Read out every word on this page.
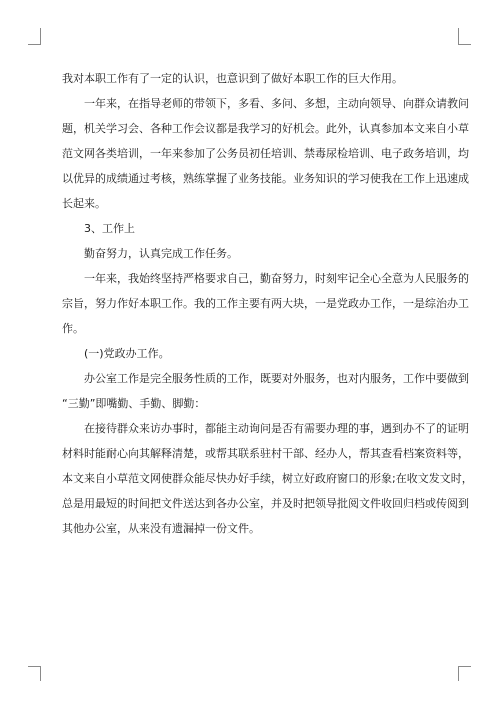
我对本职工作有了一定的认识，也意识到了做好本职工作的巨大作用。

一年来，在指导老师的带领下，多看、多问、多想，主动向领导、向群众请教问

题，机关学习会、各种工作会议都是我学习的好机会。此外，认真参加本文来自小草
范文网各类培训，一年来参加了公务员初任培训、禁毒尿检培训、电子政务培训，均
以优异的成绩通过考核，熟练掌握了业务技能。业务知识的学习使我在工作上迅速成
长起来。

3、工作上

勤奋努力，认真完成工作任务。

一年来，我始终坚持严格要求自己，勤奋努力，时刻牢记全心全意为人民服务的

宗旨，努力作好本职工作。我的工作主要有两大块，一是党政办工作，一是综治办工
作。

(一)党政办工作。

办公室工作是完全服务性质的工作，既要对外服务，也对内服务，工作中要做到

“三勤”即嘴勤、手勤、脚勤：

在接待群众来访办事时，都能主动询问是否有需要办理的事，遇到办不了的证明

材料时能耐心向其解释清楚，或帮其联系驻村干部、经办人，帮其查看档案资料等，
本文来自小草范文网使群众能尽快办好手续，树立好政府窗口的形象;在收文发文时，
总是用最短的时间把文件送达到各办公室，并及时把领导批阅文件收回归档或传阅到
其他办公室，从来没有遗漏掉一份文件。
